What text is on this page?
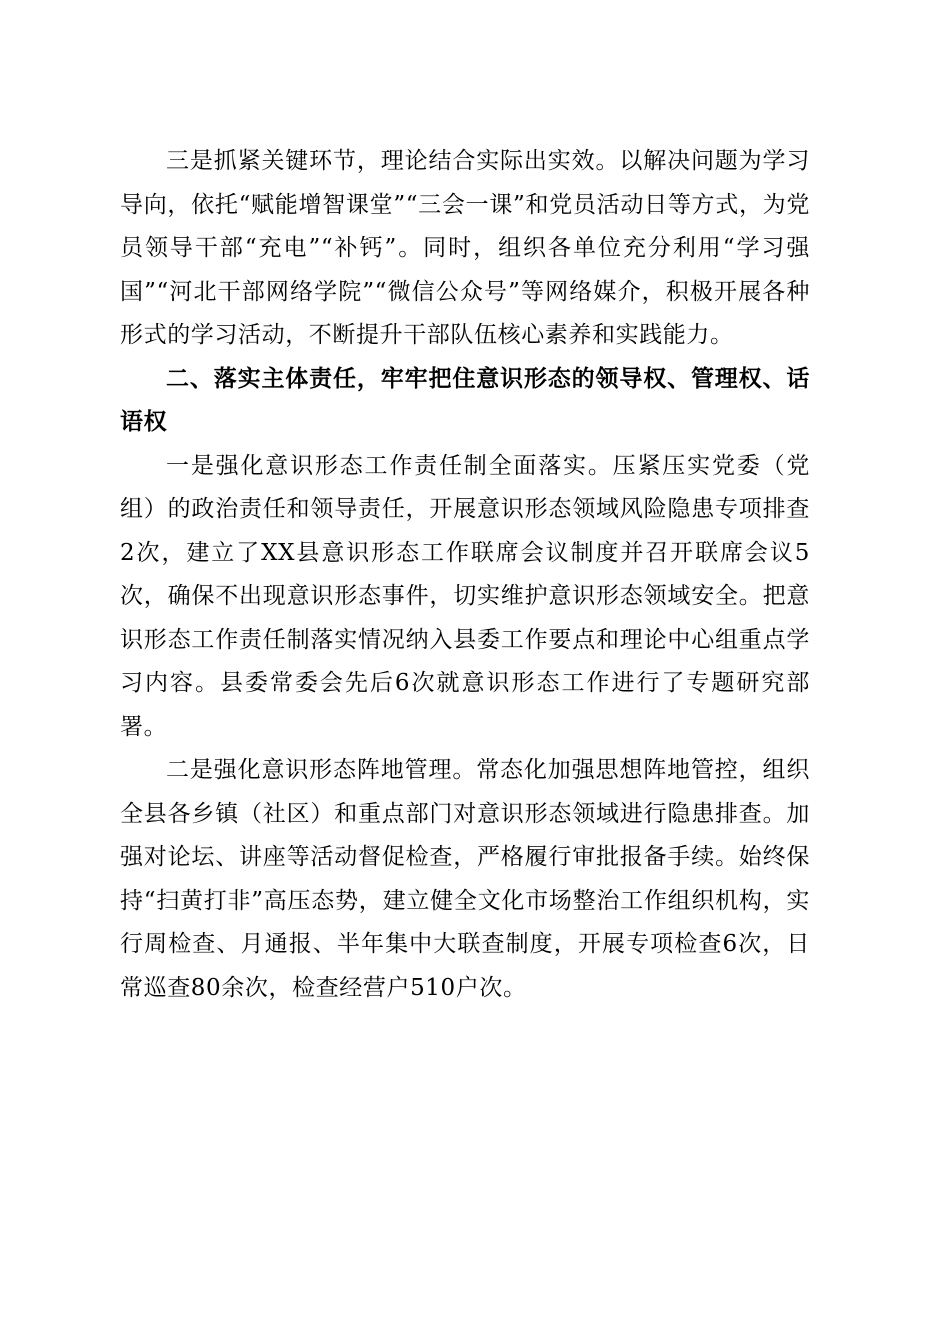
三是抓紧关键环节，理论结合实际出实效。以解决问题为学习导向，依托“赋能增智课堂”“三会一课”和党员活动日等方式，为党员领导干部“充电”“补钙”。同时，组织各单位充分利用“学习强国”“河北干部网络学院”“微信公众号”等网络媒介，积极开展各种形式的学习活动，不断提升干部队伍核心素养和实践能力。

二、落实主体责任，牢牢把住意识形态的领导权、管理权、话语权

一是强化意识形态工作责任制全面落实。压紧压实党委（党组）的政治责任和领导责任，开展意识形态领域风险隐患专项排查2次，建立了XX县意识形态工作联席会议制度并召开联席会议5次，确保不出现意识形态事件，切实维护意识形态领域安全。把意识形态工作责任制落实情况纳入县委工作要点和理论中心组重点学习内容。县委常委会先后6次就意识形态工作进行了专题研究部署。

二是强化意识形态阵地管理。常态化加强思想阵地管控，组织全县各乡镇（社区）和重点部门对意识形态领域进行隐患排查。加强对论坛、讲座等活动督促检查，严格履行审批报备手续。始终保持“扫黄打非”高压态势，建立健全文化市场整治工作组织机构，实行周检查、月通报、半年集中大联查制度，开展专项检查6次，日常巡查80余次，检查经营户510户次。
